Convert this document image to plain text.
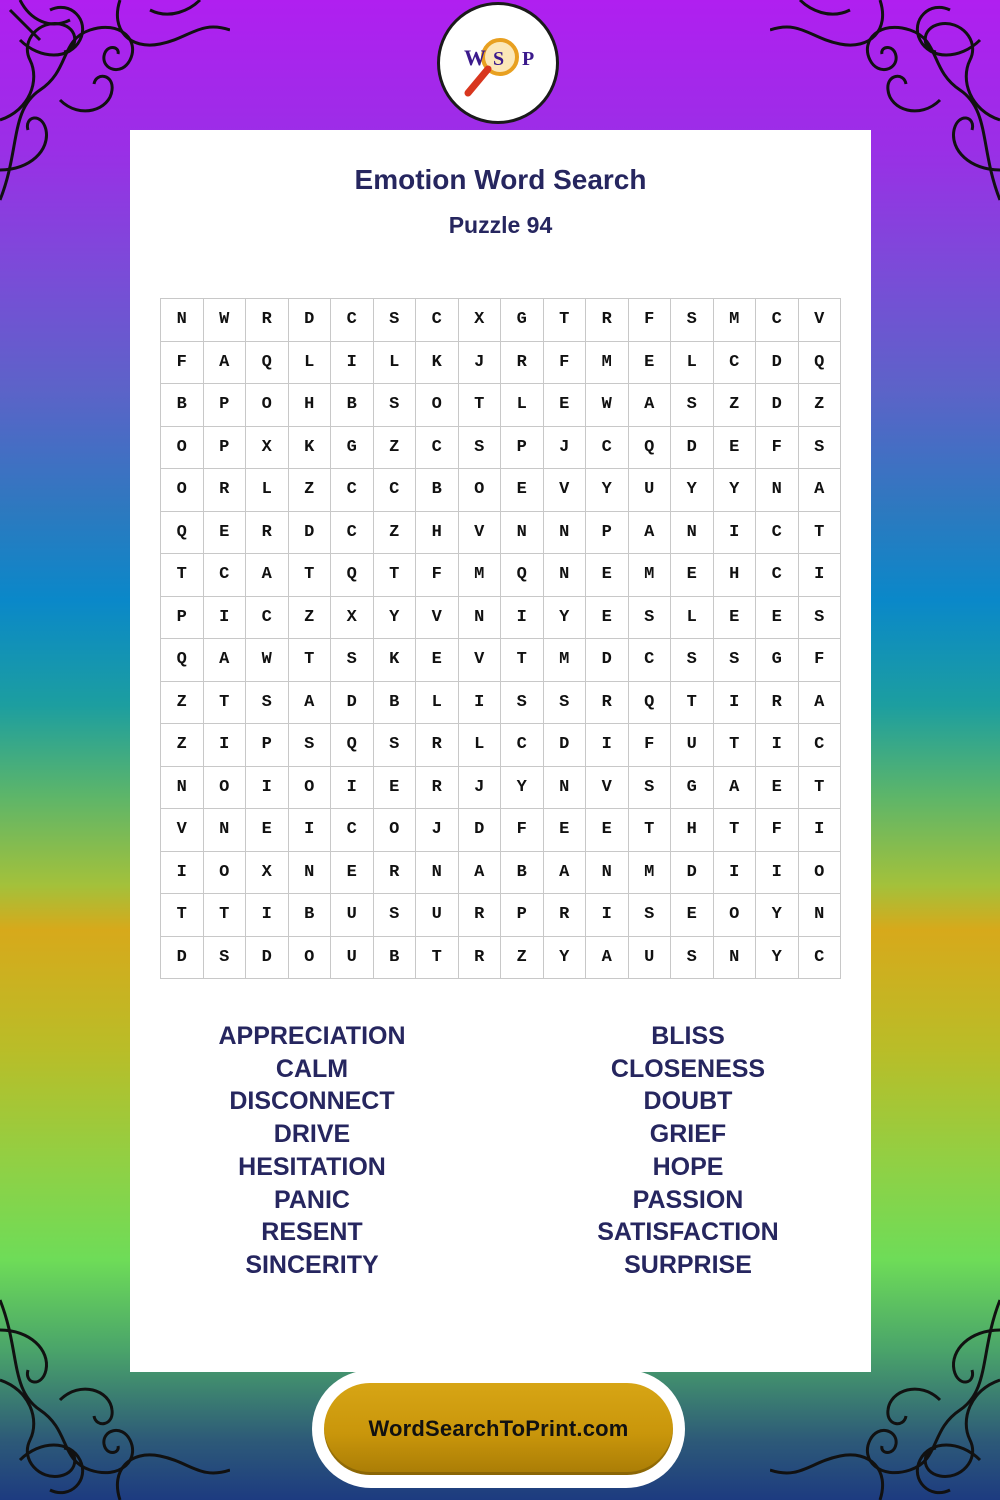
W S P
Emotion Word Search
Puzzle 94
N	W	R	D	C	S	C	X	G	T	R	F	S	M	C	V
F	A	Q	L	I	L	K	J	R	F	M	E	L	C	D	Q
B	P	O	H	B	S	O	T	L	E	W	A	S	Z	D	Z
O	P	X	K	G	Z	C	S	P	J	C	Q	D	E	F	S
O	R	L	Z	C	C	B	O	E	V	Y	U	Y	Y	N	A
Q	E	R	D	C	Z	H	V	N	N	P	A	N	I	C	T
T	C	A	T	Q	T	F	M	Q	N	E	M	E	H	C	I
P	I	C	Z	X	Y	V	N	I	Y	E	S	L	E	E	S
Q	A	W	T	S	K	E	V	T	M	D	C	S	S	G	F
Z	T	S	A	D	B	L	I	S	S	R	Q	T	I	R	A
Z	I	P	S	Q	S	R	L	C	D	I	F	U	T	I	C
N	O	I	O	I	E	R	J	Y	N	V	S	G	A	E	T
V	N	E	I	C	O	J	D	F	E	E	T	H	T	F	I
I	O	X	N	E	R	N	A	B	A	N	M	D	I	I	O
T	T	I	B	U	S	U	R	P	R	I	S	E	O	Y	N
D	S	D	O	U	B	T	R	Z	Y	A	U	S	N	Y	C
APPRECIATION
CALM
DISCONNECT
DRIVE
HESITATION
PANIC
RESENT
SINCERITY
BLISS
CLOSENESS
DOUBT
GRIEF
HOPE
PASSION
SATISFACTION
SURPRISE
WordSearchToPrint.com
